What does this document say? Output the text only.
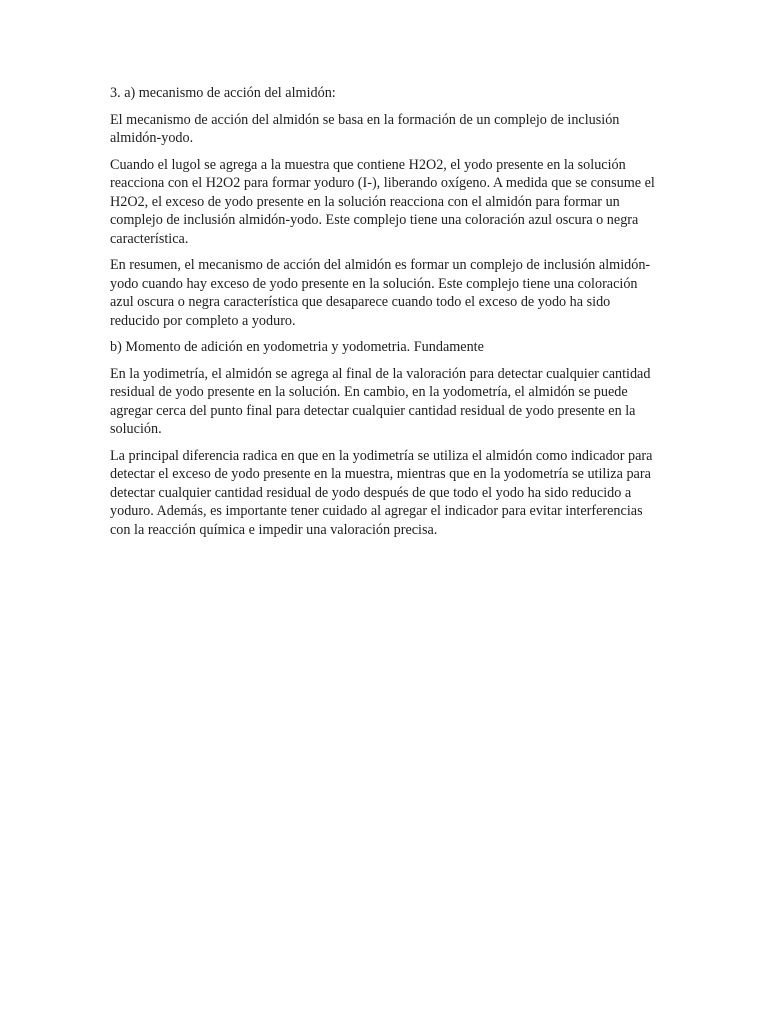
3. a) mecanismo de acción del almidón:

El mecanismo de acción del almidón se basa en la formación de un complejo de inclusión almidón-yodo.

Cuando el lugol se agrega a la muestra que contiene H2O2, el yodo presente en la solución reacciona con el H2O2 para formar yoduro (I-), liberando oxígeno. A medida que se consume el H2O2, el exceso de yodo presente en la solución reacciona con el almidón para formar un complejo de inclusión almidón-yodo. Este complejo tiene una coloración azul oscura o negra característica.

En resumen, el mecanismo de acción del almidón es formar un complejo de inclusión almidón-yodo cuando hay exceso de yodo presente en la solución. Este complejo tiene una coloración azul oscura o negra característica que desaparece cuando todo el exceso de yodo ha sido reducido por completo a yoduro.

b) Momento de adición en yodometria y yodometria. Fundamente

En la yodimetría, el almidón se agrega al final de la valoración para detectar cualquier cantidad residual de yodo presente en la solución. En cambio, en la yodometría, el almidón se puede agregar cerca del punto final para detectar cualquier cantidad residual de yodo presente en la solución.

La principal diferencia radica en que en la yodimetría se utiliza el almidón como indicador para detectar el exceso de yodo presente en la muestra, mientras que en la yodometría se utiliza para detectar cualquier cantidad residual de yodo después de que todo el yodo ha sido reducido a yoduro. Además, es importante tener cuidado al agregar el indicador para evitar interferencias con la reacción química e impedir una valoración precisa.
